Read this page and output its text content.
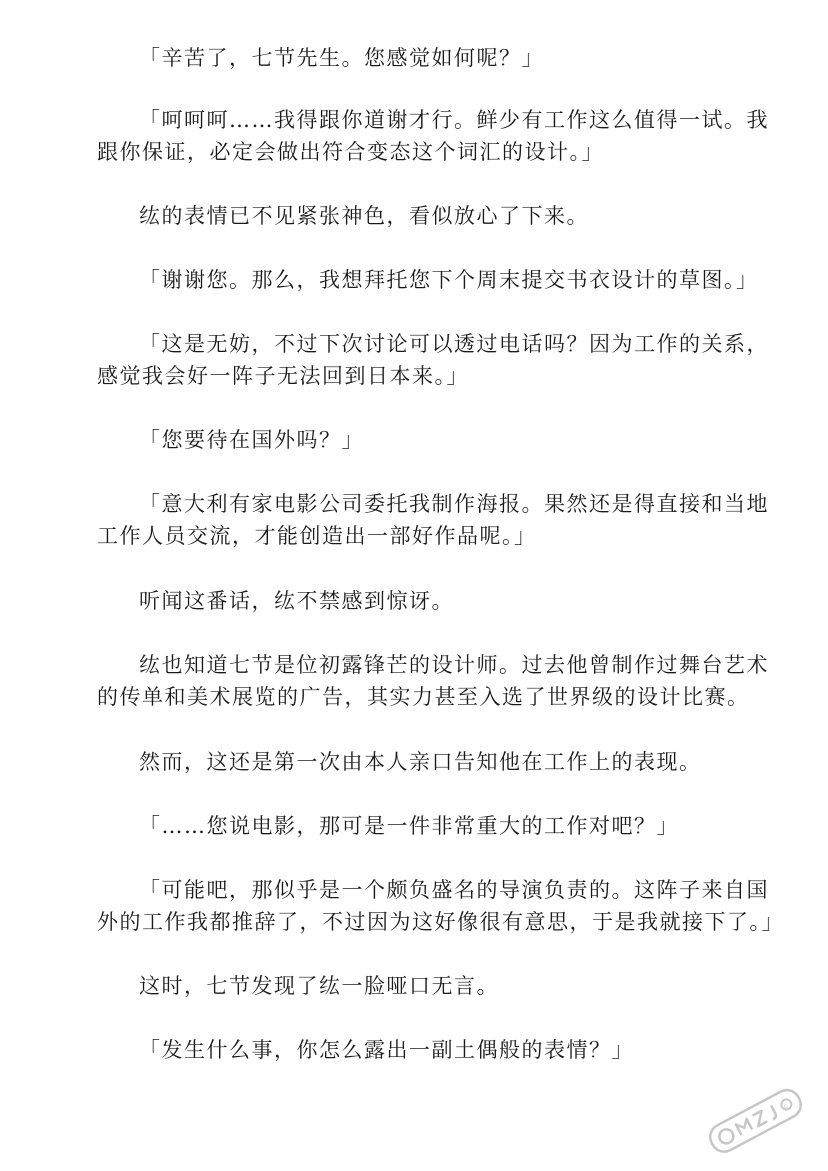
「辛苦了，七节先生。您感觉如何呢？」

「呵呵呵……我得跟你道谢才行。鲜少有工作这么值得一试。我跟你保证，必定会做出符合变态这个词汇的设计。」

纮的表情已不见紧张神色，看似放心了下来。

「谢谢您。那么，我想拜托您下个周末提交书衣设计的草图。」

「这是无妨，不过下次讨论可以透过电话吗？因为工作的关系，感觉我会好一阵子无法回到日本来。」

「您要待在国外吗？」

「意大利有家电影公司委托我制作海报。果然还是得直接和当地工作人员交流，才能创造出一部好作品呢。」

听闻这番话，纮不禁感到惊讶。

纮也知道七节是位初露锋芒的设计师。过去他曾制作过舞台艺术的传单和美术展览的广告，其实力甚至入选了世界级的设计比赛。

然而，这还是第一次由本人亲口告知他在工作上的表现。

「……您说电影，那可是一件非常重大的工作对吧？」

「可能吧，那似乎是一个颇负盛名的导演负责的。这阵子来自国外的工作我都推辞了，不过因为这好像很有意思，于是我就接下了。」

这时，七节发现了纮一脸哑口无言。

「发生什么事，你怎么露出一副土偶般的表情？」

c
